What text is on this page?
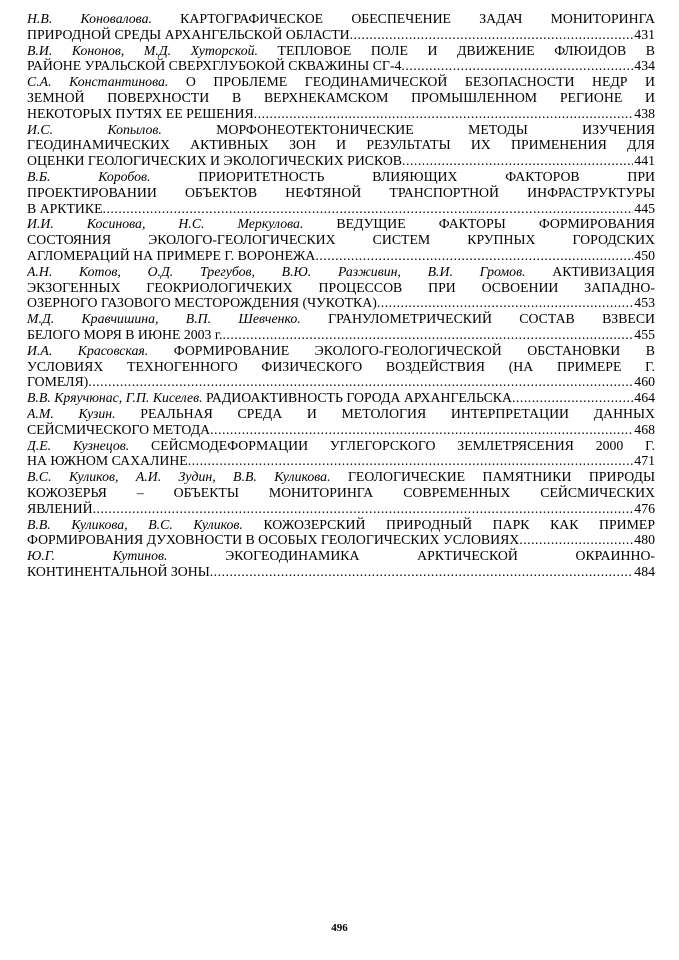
Н.В. Коновалова. КАРТОГРАФИЧЕСКОЕ ОБЕСПЕЧЕНИЕ ЗАДАЧ МОНИТОРИНГА
ПРИРОДНОЙ СРЕДЫ АРХАНГЕЛЬСКОЙ ОБЛАСТИ .....	431
В.И. Кононов, М.Д. Хуторской. ТЕПЛОВОЕ ПОЛЕ И ДВИЖЕНИЕ ФЛЮИДОВ В
РАЙОНЕ УРАЛЬСКОЙ СВЕРХГЛУБОКОЙ СКВАЖИНЫ СГ-4 .....	434
С.А. Константинова. О ПРОБЛЕМЕ ГЕОДИНАМИЧЕСКОЙ БЕЗОПАСНОСТИ НЕДР И
ЗЕМНОЙ ПОВЕРХНОСТИ В ВЕРХНЕКАМСКОМ ПРОМЫШЛЕННОМ РЕГИОНЕ И
НЕКОТОРЫХ ПУТЯХ ЕЕ РЕШЕНИЯ .....	438
И.С. Копылов. МОРФОНЕОТЕКТОНИЧЕСКИЕ МЕТОДЫ ИЗУЧЕНИЯ
ГЕОДИНАМИЧЕСКИХ АКТИВНЫХ ЗОН И РЕЗУЛЬТАТЫ ИХ ПРИМЕНЕНИЯ ДЛЯ
ОЦЕНКИ ГЕОЛОГИЧЕСКИХ И ЭКОЛОГИЧЕСКИХ РИСКОВ .....	441
В.Б. Коробов. ПРИОРИТЕТНОСТЬ ВЛИЯЮЩИХ ФАКТОРОВ ПРИ
ПРОЕКТИРОВАНИИ ОБЪЕКТОВ НЕФТЯНОЙ ТРАНСПОРТНОЙ ИНФРАСТРУКТУРЫ
В АРКТИКЕ .....	445
И.И. Косинова, Н.С. Меркулова. ВЕДУЩИЕ ФАКТОРЫ ФОРМИРОВАНИЯ
СОСТОЯНИЯ ЭКОЛОГО-ГЕОЛОГИЧЕСКИХ СИСТЕМ КРУПНЫХ ГОРОДСКИХ
АГЛОМЕРАЦИЙ НА ПРИМЕРЕ Г. ВОРОНЕЖА .....	450
А.Н. Котов, О.Д. Трегубов, В.Ю. Разживин, В.И. Громов. АКТИВИЗАЦИЯ
ЭКЗОГЕННЫХ ГЕОКРИОЛОГИЧЕКИХ ПРОЦЕССОВ ПРИ ОСВОЕНИИ ЗАПАДНО-
ОЗЕРНОГО ГАЗОВОГО МЕСТОРОЖДЕНИЯ (ЧУКОТКА) .....	453
М.Д. Кравчишина, В.П. Шевченко. ГРАНУЛОМЕТРИЧЕСКИЙ СОСТАВ ВЗВЕСИ
БЕЛОГО МОРЯ В ИЮНЕ 2003 г. .....	455
И.А. Красовская. ФОРМИРОВАНИЕ ЭКОЛОГО-ГЕОЛОГИЧЕСКОЙ ОБСТАНОВКИ В
УСЛОВИЯХ ТЕХНОГЕННОГО ФИЗИЧЕСКОГО ВОЗДЕЙСТВИЯ (НА ПРИМЕРЕ Г.
ГОМЕЛЯ) .....	460
В.В. Кряучюнас, Г.П. Киселев. РАДИОАКТИВНОСТЬ ГОРОДА АРХАНГЕЛЬСКА .....	464
А.М. Кузин. РЕАЛЬНАЯ СРЕДА И МЕТОЛОГИЯ ИНТЕРПРЕТАЦИИ ДАННЫХ
СЕЙСМИЧЕСКОГО МЕТОДА .....	468
Д.Е. Кузнецов. СЕЙСМОДЕФОРМАЦИИ УГЛЕГОРСКОГО ЗЕМЛЕТРЯСЕНИЯ 2000 Г.
НА ЮЖНОМ САХАЛИНЕ .....	471
В.С. Куликов, А.И. Зудин, В.В. Куликова. ГЕОЛОГИЧЕСКИЕ ПАМЯТНИКИ ПРИРОДЫ
КОЖОЗЕРЬЯ – ОБЪЕКТЫ МОНИТОРИНГА СОВРЕМЕННЫХ СЕЙСМИЧЕСКИХ
ЯВЛЕНИЙ .....	476
В.В. Куликова, В.С. Куликов. КОЖОЗЕРСКИЙ ПРИРОДНЫЙ ПАРК КАК ПРИМЕР
ФОРМИРОВАНИЯ ДУХОВНОСТИ В ОСОБЫХ ГЕОЛОГИЧЕСКИХ УСЛОВИЯХ .....	480
Ю.Г. Кутинов. ЭКОГЕОДИНАМИКА АРКТИЧЕСКОЙ ОКРАИННО-
КОНТИНЕНТАЛЬНОЙ ЗОНЫ .....	484
496
